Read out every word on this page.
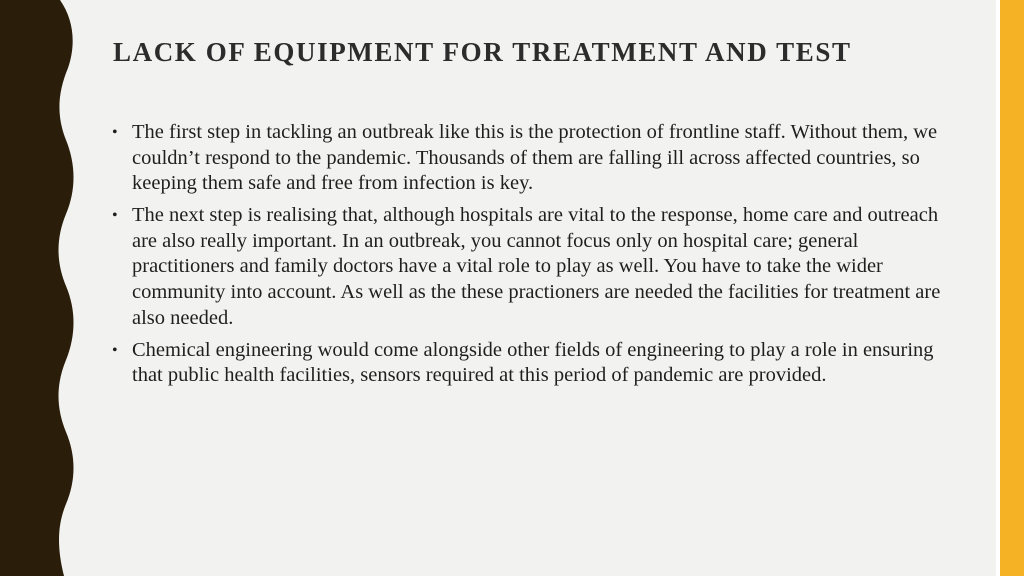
LACK OF EQUIPMENT FOR TREATMENT AND TEST
• The first step in tackling an outbreak like this is the protection of frontline staff. Without them, we couldn’t respond to the pandemic. Thousands of them are falling ill across affected countries, so keeping them safe and free from infection is key.
• The next step is realising that, although hospitals are vital to the response, home care and outreach are also really important. In an outbreak, you cannot focus only on hospital care; general practitioners and family doctors have a vital role to play as well. You have to take the wider community into account. As well as the these practioners are needed the facilities for treatment are also needed.
• Chemical engineering would come alongside other fields of engineering to play a role in ensuring that public health facilities, sensors required at this period of pandemic are provided.
